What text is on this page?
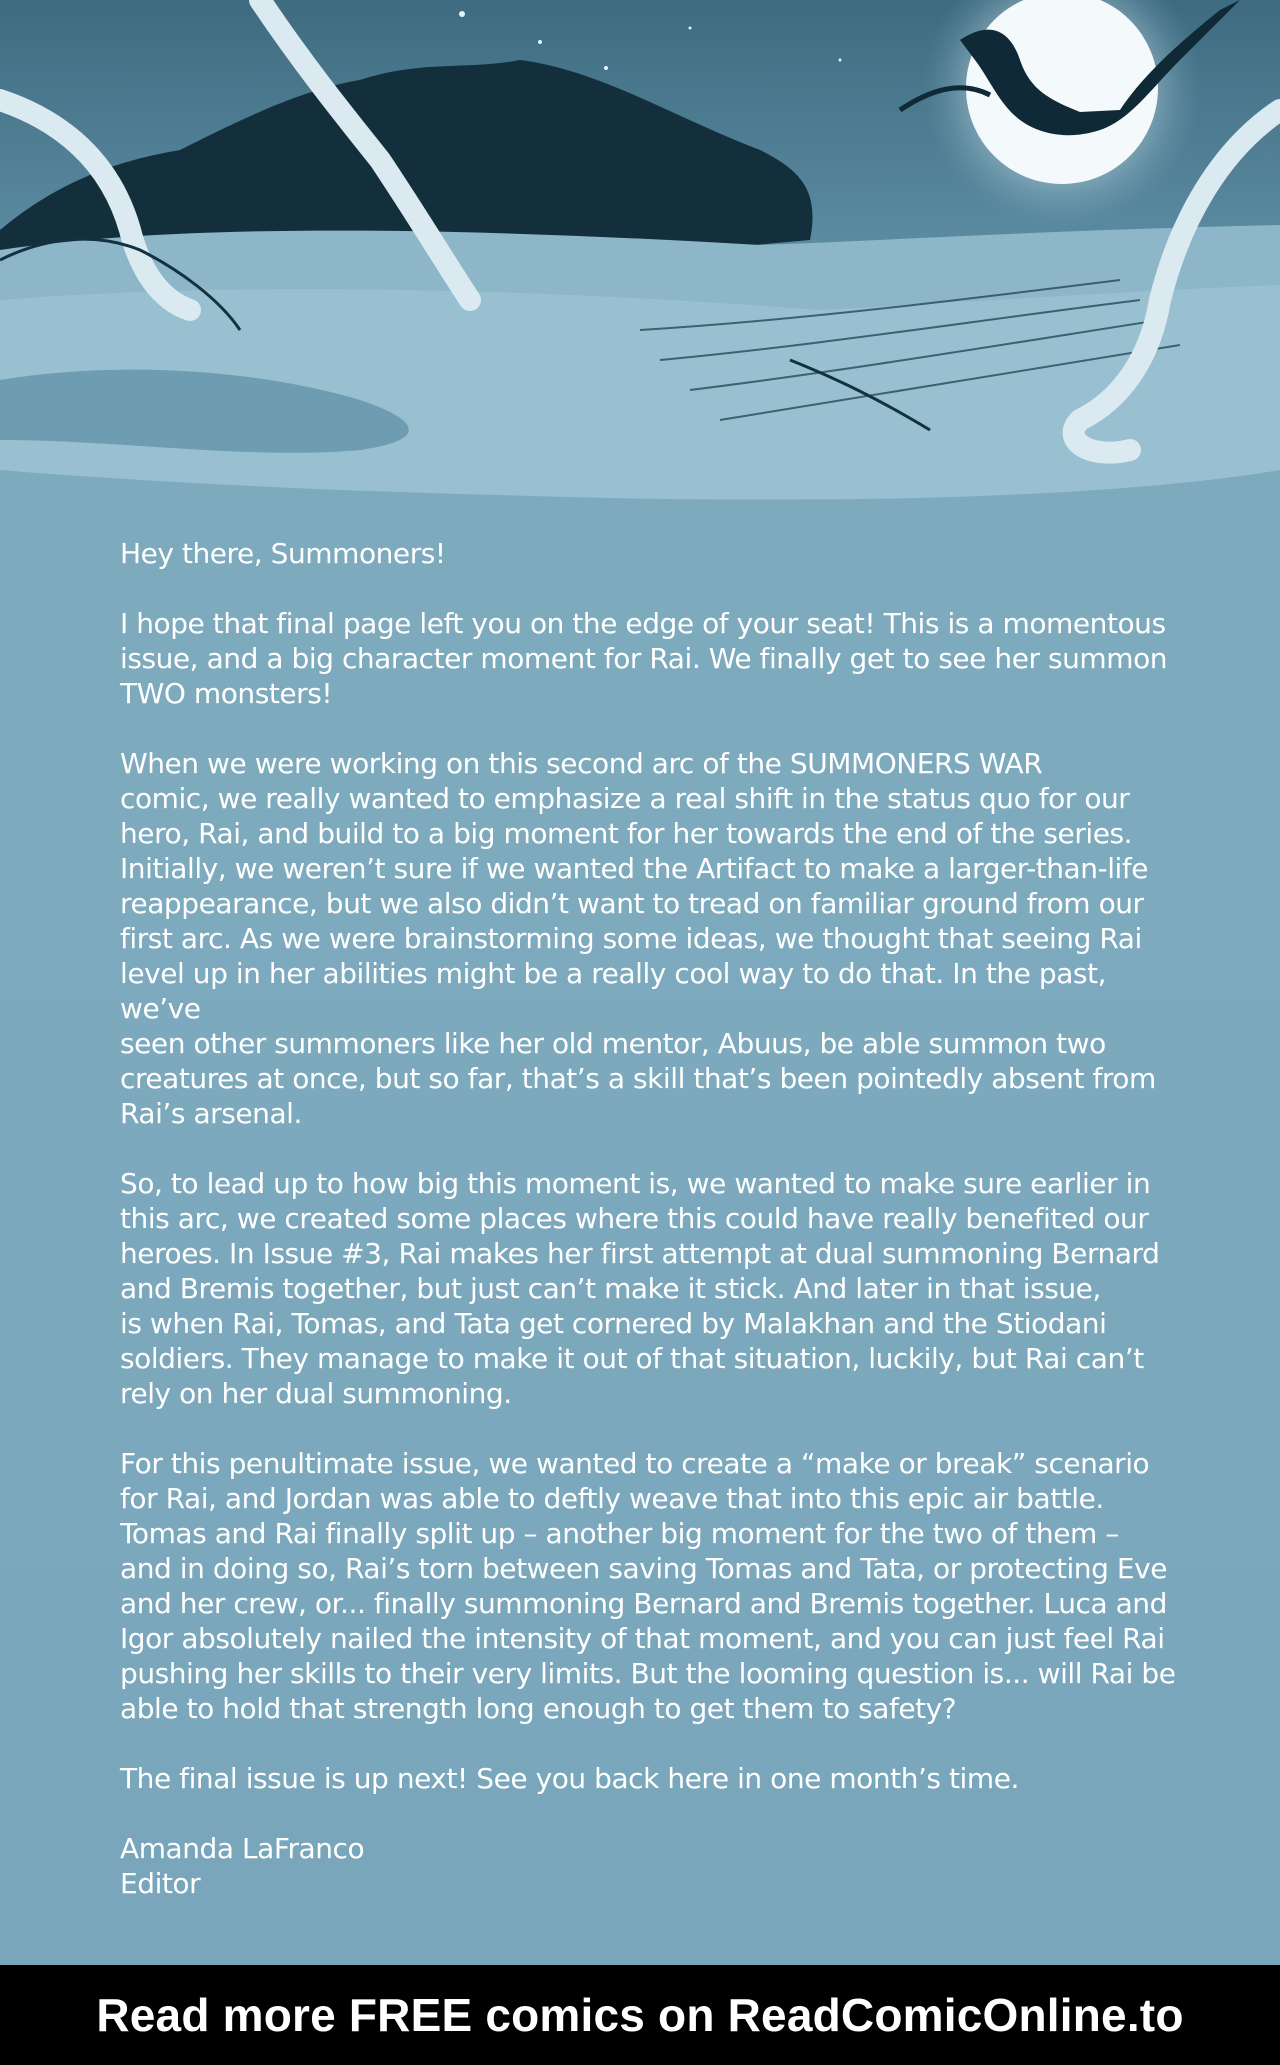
Hey there, Summoners!

I hope that final page left you on the edge of your seat! This is a momentous
issue, and a big character moment for Rai. We finally get to see her summon
TWO monsters!

When we were working on this second arc of the SUMMONERS WAR
comic, we really wanted to emphasize a real shift in the status quo for our
hero, Rai, and build to a big moment for her towards the end of the series.
Initially, we weren’t sure if we wanted the Artifact to make a larger-than-life
reappearance, but we also didn’t want to tread on familiar ground from our
first arc. As we were brainstorming some ideas, we thought that seeing Rai
level up in her abilities might be a really cool way to do that. In the past, we’ve
seen other summoners like her old mentor, Abuus, be able summon two
creatures at once, but so far, that’s a skill that’s been pointedly absent from
Rai’s arsenal.

So, to lead up to how big this moment is, we wanted to make sure earlier in
this arc, we created some places where this could have really benefited our
heroes. In Issue #3, Rai makes her first attempt at dual summoning Bernard
and Bremis together, but just can’t make it stick. And later in that issue,
is when Rai, Tomas, and Tata get cornered by Malakhan and the Stiodani
soldiers. They manage to make it out of that situation, luckily, but Rai can’t
rely on her dual summoning.

For this penultimate issue, we wanted to create a “make or break” scenario
for Rai, and Jordan was able to deftly weave that into this epic air battle.
Tomas and Rai finally split up – another big moment for the two of them –
and in doing so, Rai’s torn between saving Tomas and Tata, or protecting Eve
and her crew, or... finally summoning Bernard and Bremis together. Luca and
Igor absolutely nailed the intensity of that moment, and you can just feel Rai
pushing her skills to their very limits. But the looming question is... will Rai be
able to hold that strength long enough to get them to safety?

The final issue is up next! See you back here in one month’s time.

Amanda LaFranco

Editor

Read more FREE comics on ReadComicOnline.to
